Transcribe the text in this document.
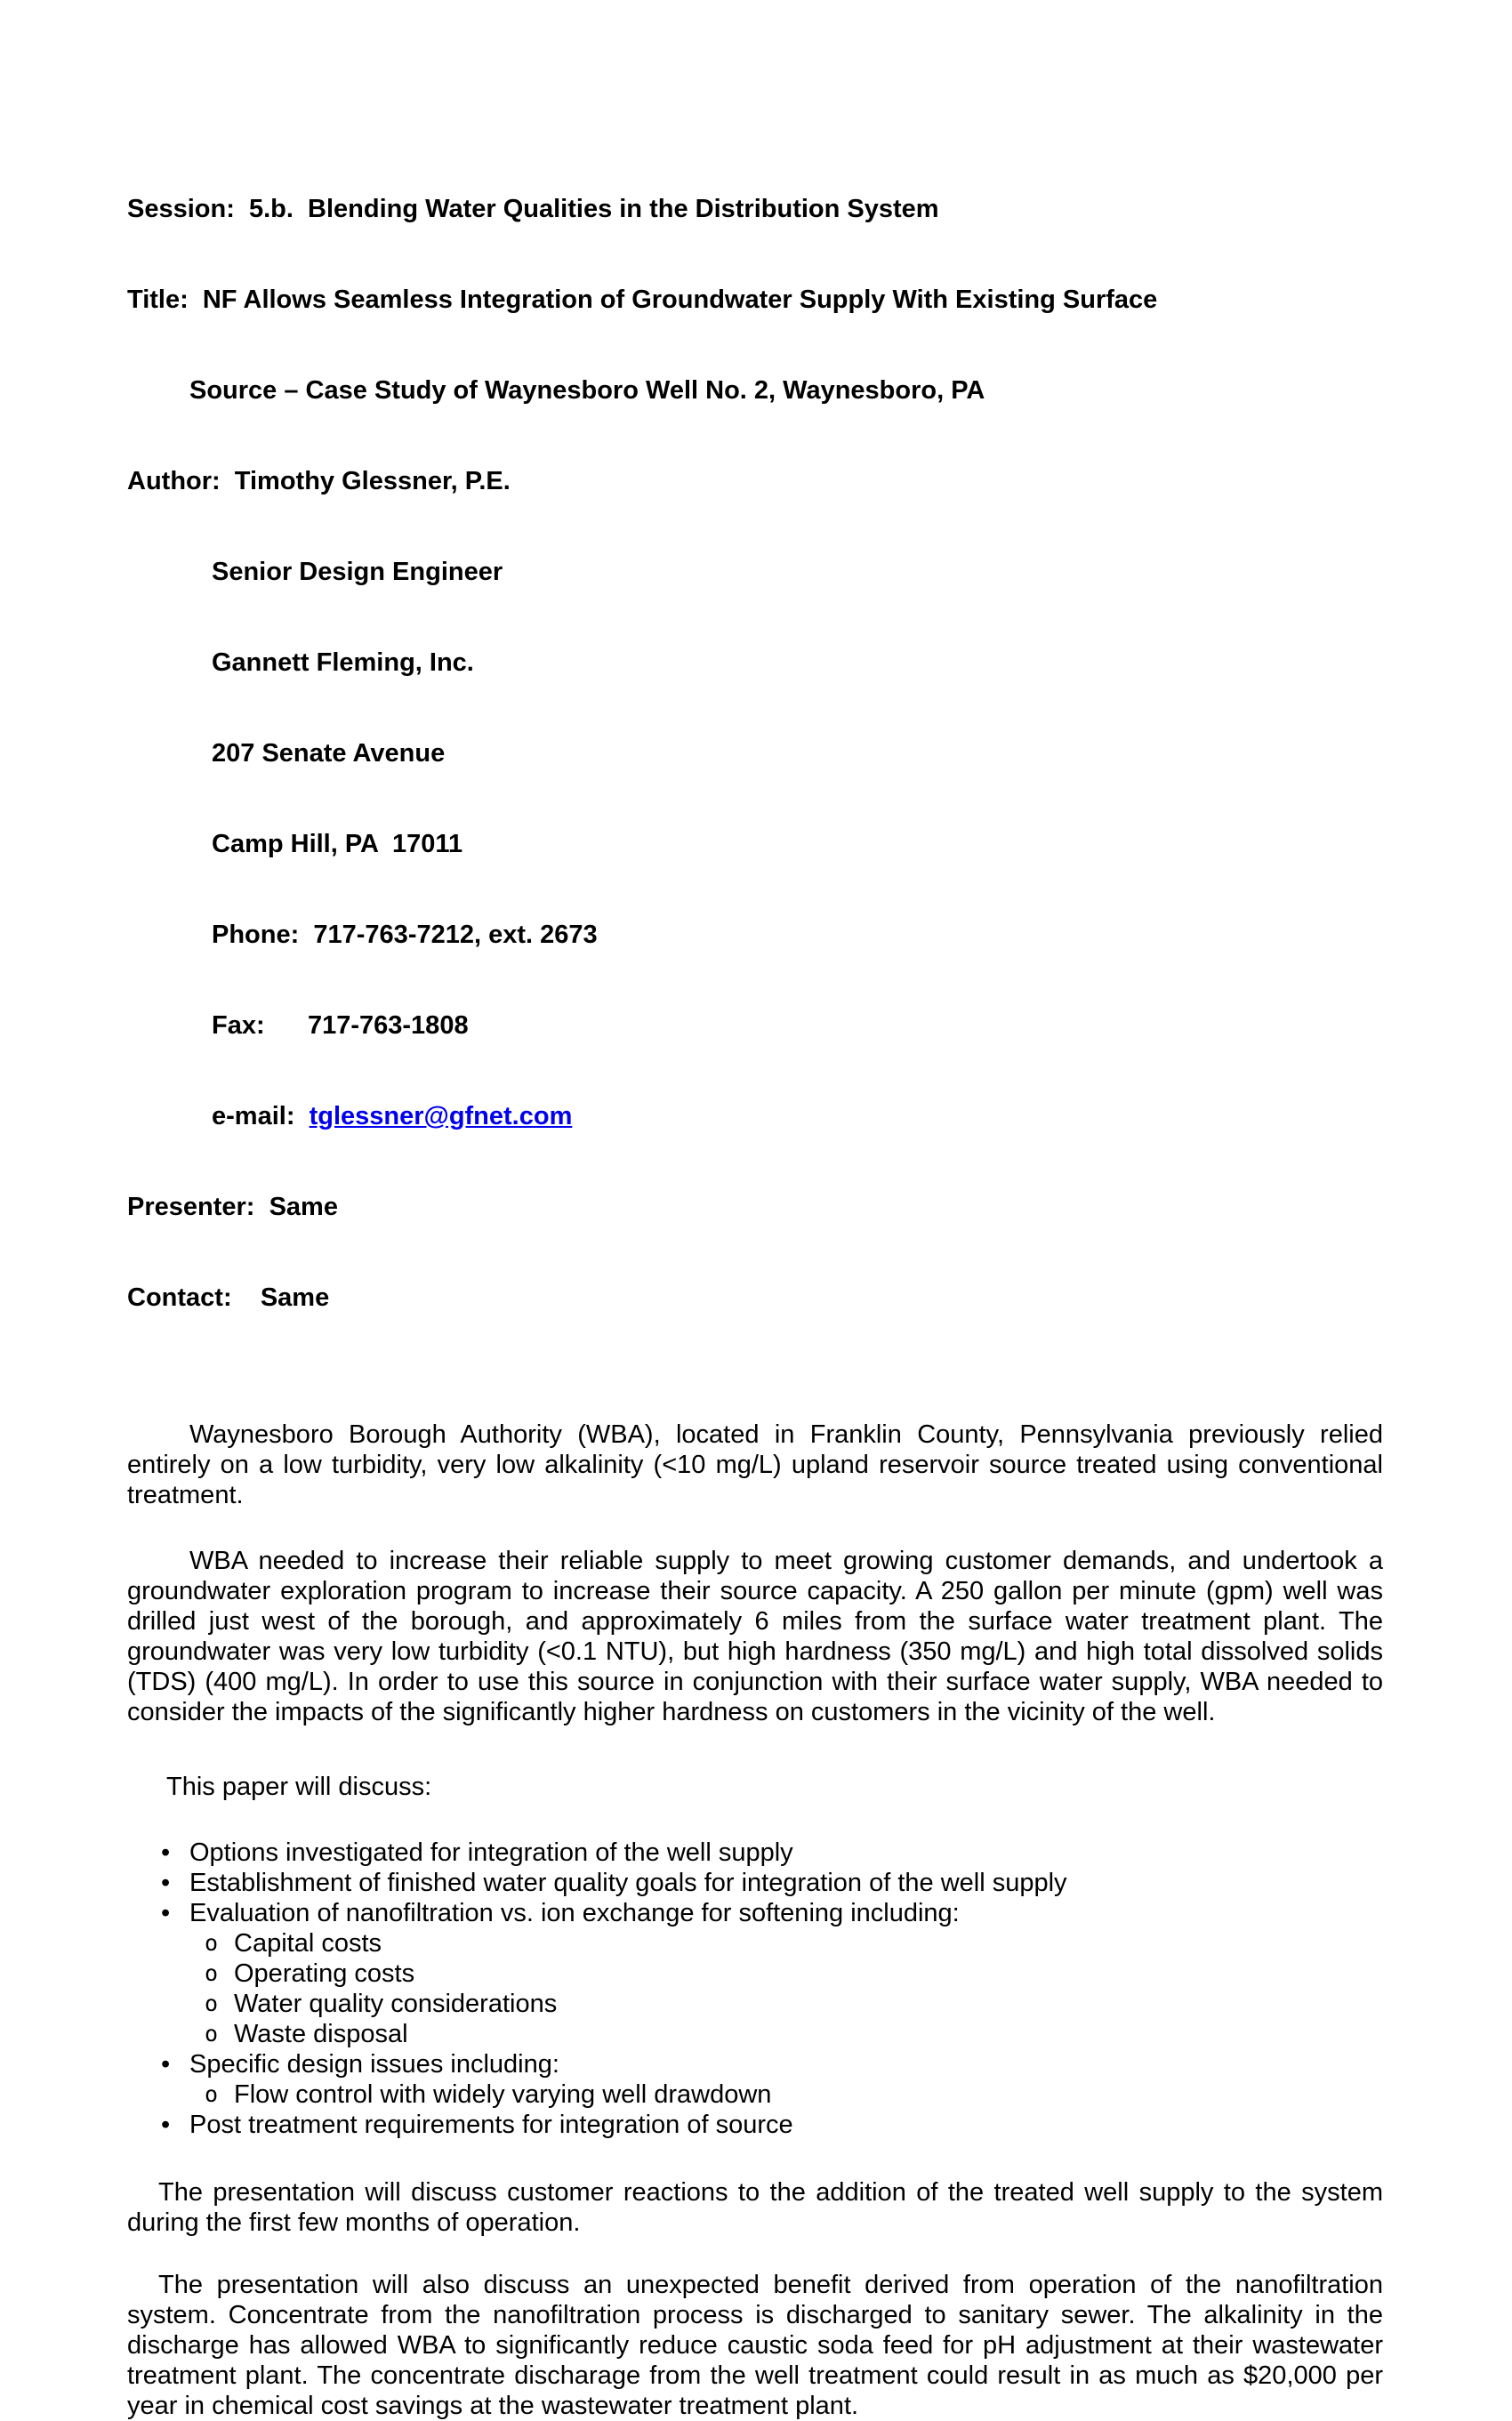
Session:  5.b.  Blending Water Qualities in the Distribution System

Title:  NF Allows Seamless Integration of Groundwater Supply With Existing Surface

Source – Case Study of Waynesboro Well No. 2, Waynesboro, PA

Author:  Timothy Glessner, P.E.

Senior Design Engineer

Gannett Fleming, Inc.

207 Senate Avenue

Camp Hill, PA  17011

Phone:  717-763-7212, ext. 2673

Fax:      717-763-1808

e-mail:  tglessner@gfnet.com

Presenter:  Same

Contact:    Same

Waynesboro Borough Authority (WBA), located in Franklin County, Pennsylvania previously relied entirely on a low turbidity, very low alkalinity (<10 mg/L) upland reservoir source treated using conventional treatment.

WBA needed to increase their reliable supply to meet growing customer demands, and undertook a groundwater exploration program to increase their source capacity. A 250 gallon per minute (gpm) well was drilled just west of the borough, and approximately 6 miles from the surface water treatment plant. The groundwater was very low turbidity (<0.1 NTU), but high hardness (350 mg/L) and high total dissolved solids (TDS) (400 mg/L). In order to use this source in conjunction with their surface water supply, WBA needed to consider the impacts of the significantly higher hardness on customers in the vicinity of the well.

This paper will discuss:

• Options investigated for integration of the well supply
• Establishment of finished water quality goals for integration of the well supply
• Evaluation of nanofiltration vs. ion exchange for softening including:
o Capital costs
o Operating costs
o Water quality considerations
o Waste disposal
• Specific design issues including:
o Flow control with widely varying well drawdown
• Post treatment requirements for integration of source

The presentation will discuss customer reactions to the addition of the treated well supply to the system during the first few months of operation.

The presentation will also discuss an unexpected benefit derived from operation of the nanofiltration system. Concentrate from the nanofiltration process is discharged to sanitary sewer. The alkalinity in the discharge has allowed WBA to significantly reduce caustic soda feed for pH adjustment at their wastewater treatment plant. The concentrate discharage from the well treatment could result in as much as $20,000 per year in chemical cost savings at the wastewater treatment plant.
